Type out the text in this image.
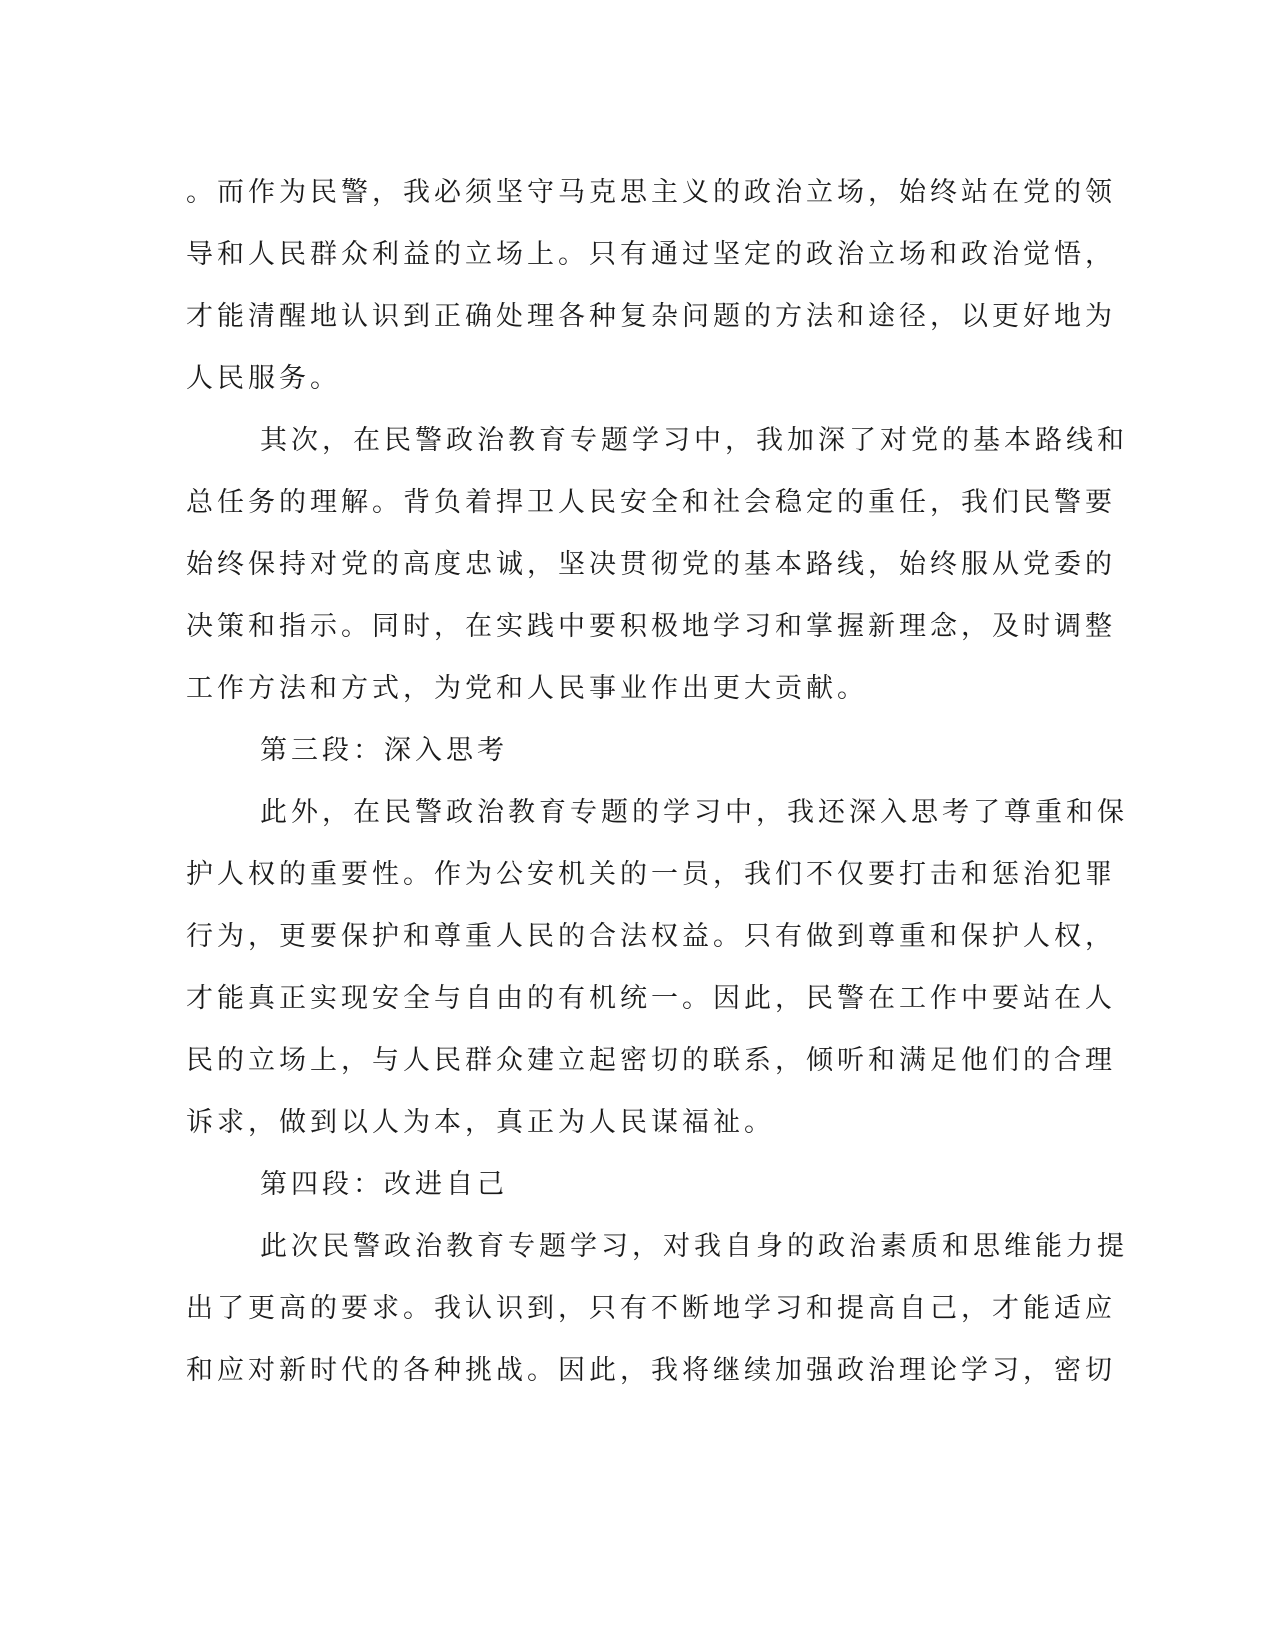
。而作为民警，我必须坚守马克思主义的政治立场，始终站在党的领
导和人民群众利益的立场上。只有通过坚定的政治立场和政治觉悟，
才能清醒地认识到正确处理各种复杂问题的方法和途径，以更好地为
人民服务。
其次，在民警政治教育专题学习中，我加深了对党的基本路线和
总任务的理解。背负着捍卫人民安全和社会稳定的重任，我们民警要
始终保持对党的高度忠诚，坚决贯彻党的基本路线，始终服从党委的
决策和指示。同时，在实践中要积极地学习和掌握新理念，及时调整
工作方法和方式，为党和人民事业作出更大贡献。
第三段：深入思考
此外，在民警政治教育专题的学习中，我还深入思考了尊重和保
护人权的重要性。作为公安机关的一员，我们不仅要打击和惩治犯罪
行为，更要保护和尊重人民的合法权益。只有做到尊重和保护人权，
才能真正实现安全与自由的有机统一。因此，民警在工作中要站在人
民的立场上，与人民群众建立起密切的联系，倾听和满足他们的合理
诉求，做到以人为本，真正为人民谋福祉。
第四段：改进自己
此次民警政治教育专题学习，对我自身的政治素质和思维能力提
出了更高的要求。我认识到，只有不断地学习和提高自己，才能适应
和应对新时代的各种挑战。因此，我将继续加强政治理论学习，密切
